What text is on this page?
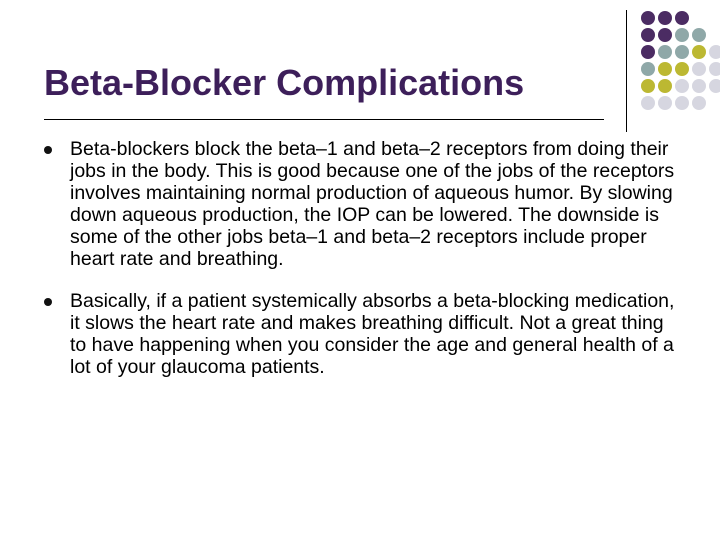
Beta-Blocker Complications
Beta-blockers block the beta–1 and beta–2 receptors from doing their jobs in the body. This is good because one of the jobs of the receptors involves maintaining normal production of aqueous humor. By slowing down aqueous production, the IOP can be lowered. The downside is some of the other jobs beta–1 and beta–2 receptors include proper heart rate and breathing.
Basically, if a patient systemically absorbs a beta-blocking medication, it slows the heart rate and makes breathing difficult. Not a great thing to have happening when you consider the age and general health of a lot of your glaucoma patients.
